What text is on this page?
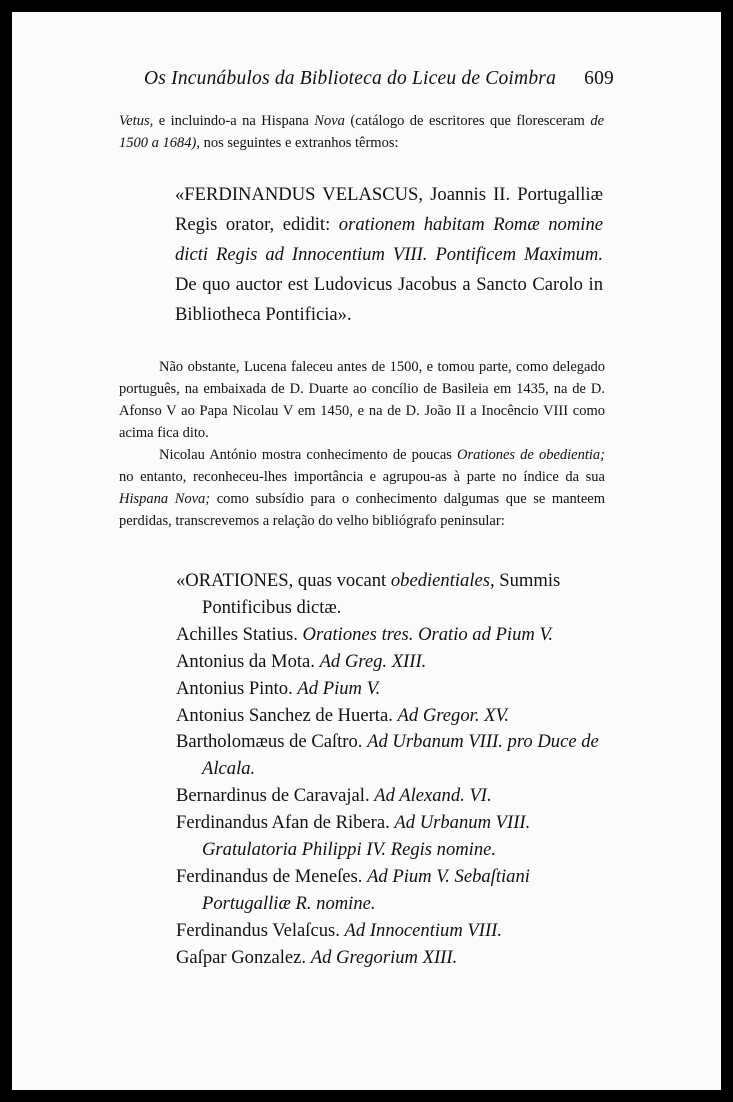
Os Incunábulos da Biblioteca do Liceu de Coimbra 609

Vetus, e incluindo-a na Hispana Nova (catálogo de escritores que floresceram de 1500 a 1684), nos seguintes e extranhos têrmos:

«FERDINANDUS VELASCUS, Joannis II. Portugalliæ Regis orator, edidit: orationem habitam Romæ nomine dicti Regis ad Innocentium VIII. Pontificem Maximum. De quo auctor est Ludovicus Jacobus a Sancto Carolo in Bibliotheca Pontificia».

Não obstante, Lucena faleceu antes de 1500, e tomou parte, como delegado português, na embaixada de D. Duarte ao concílio de Basileia em 1435, na de D. Afonso V ao Papa Nicolau V em 1450, e na de D. João II a Inocêncio VIII como acima fica dito.

Nicolau António mostra conhecimento de poucas Orationes de obedientia; no entanto, reconheceu-lhes importância e agrupou-as à parte no índice da sua Hispana Nova; como subsídio para o conhecimento dalgumas que se manteem perdidas, transcrevemos a relação do velho bibliógrafo peninsular:

«ORATIONES, quas vocant obedientiales, Summis Pontificibus dictæ.
Achilles Statius. Orationes tres. Oratio ad Pium V.
Antonius da Mota. Ad Greg. XIII.
Antonius Pinto. Ad Pium V.
Antonius Sanchez de Huerta. Ad Gregor. XV.
Bartholomæus de Caſtro. Ad Urbanum VIII. pro Duce de Alcala.
Bernardinus de Caravajal. Ad Alexand. VI.
Ferdinandus Afan de Ribera. Ad Urbanum VIII. Gratulatoria Philippi IV. Regis nomine.
Ferdinandus de Meneſes. Ad Pium V. Sebaſtiani Portugalliæ R. nomine.
Ferdinandus Velaſcus. Ad Innocentium VIII.
Gaſpar Gonzalez. Ad Gregorium XIII.
